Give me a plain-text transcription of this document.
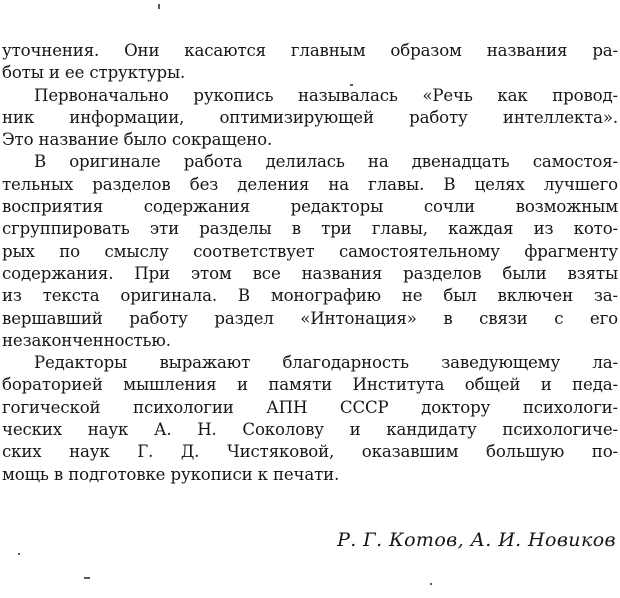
уточнения. Они касаются главным образом названия ра-
боты и ее структуры.
Первоначально рукопись называлась «Речь как провод-
ник информации, оптимизирующей работу интеллекта».
Это название было сокращено.
В оригинале работа делилась на двенадцать самостоя-
тельных разделов без деления на главы. В целях лучшего
восприятия содержания редакторы сочли возможным
сгруппировать эти разделы в три главы, каждая из кото-
рых по смыслу соответствует самостоятельному фрагменту
содержания. При этом все названия разделов были взяты
из текста оригинала. В монографию не был включен за-
вершавший работу раздел «Интонация» в связи с его
незаконченностью.
Редакторы выражают благодарность заведующему ла-
бораторией мышления и памяти Института общей и педа-
гогической психологии АПН СССР доктору психологи-
ческих наук А. Н. Соколову и кандидату психологиче-
ских наук Г. Д. Чистяковой, оказавшим большую по-
мощь в подготовке рукописи к печати.
Р. Г. Котов, А. И. Новиков
